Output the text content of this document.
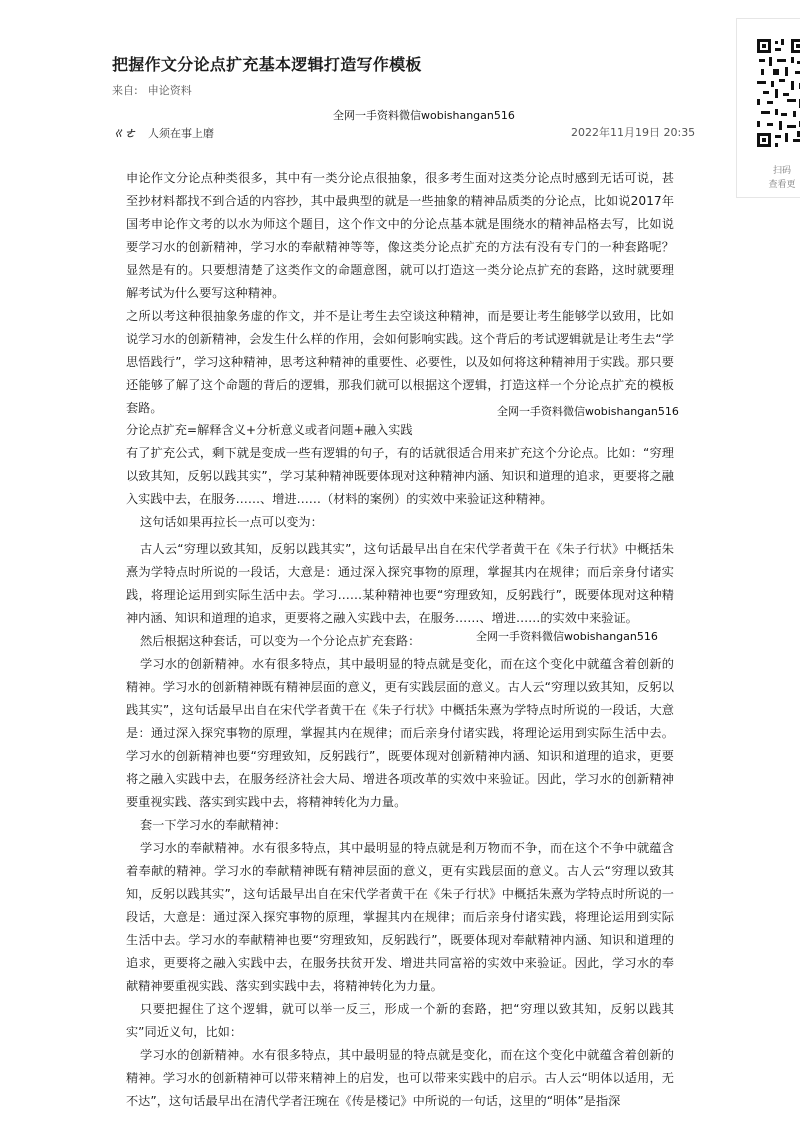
把握作文分论点扩充基本逻辑打造写作模板
来自: 申论资料
全网一手资料微信wobishangan516
ㄍㄜ 人须在事上磨	2022年11月19日 20:35
扫码
查看更

申论作文分论点种类很多，其中有一类分论点很抽象，很多考生面对这类分论点时感到无话可说，甚至抄材料都找不到合适的内容抄，其中最典型的就是一些抽象的精神品质类的分论点，比如说2017年国考申论作文考的以水为师这个题目，这个作文中的分论点基本就是围绕水的精神品格去写，比如说要学习水的创新精神，学习水的奉献精神等等，像这类分论点扩充的方法有没有专门的一种套路呢？显然是有的。只要想清楚了这类作文的命题意图，就可以打造这一类分论点扩充的套路，这时就要理解考试为什么要写这种精神。

之所以考这种很抽象务虚的作文，并不是让考生去空谈这种精神，而是要让考生能够学以致用，比如说学习水的创新精神，会发生什么样的作用，会如何影响实践。这个背后的考试逻辑就是让考生去“学思悟践行”，学习这种精神，思考这种精神的重要性、必要性，以及如何将这种精神用于实践。那只要还能够了解了这个命题的背后的逻辑，那我们就可以根据这个逻辑，打造这样一个分论点扩充的模板套路。

分论点扩充=解释含义+分析意义或者问题+融入实践

有了扩充公式，剩下就是变成一些有逻辑的句子，有的话就很适合用来扩充这个分论点。比如：“穷理以致其知，反躬以践其实”，学习某种精神既要体现对这种精神内涵、知识和道理的追求，更要将之融入实践中去，在服务……、增进……（材料的案例）的实效中来验证这种精神。

这句话如果再拉长一点可以变为：

古人云“穷理以致其知，反躬以践其实”，这句话最早出自在宋代学者黄干在《朱子行状》中概括朱熹为学特点时所说的一段话，大意是：通过深入探究事物的原理，掌握其内在规律；而后亲身付诸实践，将理论运用到实际生活中去。学习……某种精神也要“穷理致知，反躬践行”，既要体现对这种精神内涵、知识和道理的追求，更要将之融入实践中去，在服务……、增进……的实效中来验证。

然后根据这种套话，可以变为一个分论点扩充套路：

学习水的创新精神。水有很多特点，其中最明显的特点就是变化，而在这个变化中就蕴含着创新的精神。学习水的创新精神既有精神层面的意义，更有实践层面的意义。古人云“穷理以致其知，反躬以践其实”，这句话最早出自在宋代学者黄干在《朱子行状》中概括朱熹为学特点时所说的一段话，大意是：通过深入探究事物的原理，掌握其内在规律；而后亲身付诸实践，将理论运用到实际生活中去。学习水的创新精神也要“穷理致知，反躬践行”，既要体现对创新精神内涵、知识和道理的追求，更要将之融入实践中去，在服务经济社会大局、增进各项改革的实效中来验证。因此，学习水的创新精神要重视实践、落实到实践中去，将精神转化为力量。

套一下学习水的奉献精神：

学习水的奉献精神。水有很多特点，其中最明显的特点就是利万物而不争，而在这个不争中就蕴含着奉献的精神。学习水的奉献精神既有精神层面的意义，更有实践层面的意义。古人云“穷理以致其知，反躬以践其实”，这句话最早出自在宋代学者黄干在《朱子行状》中概括朱熹为学特点时所说的一段话，大意是：通过深入探究事物的原理，掌握其内在规律；而后亲身付诸实践，将理论运用到实际生活中去。学习水的奉献精神也要“穷理致知，反躬践行”，既要体现对奉献精神内涵、知识和道理的追求，更要将之融入实践中去，在服务扶贫开发、增进共同富裕的实效中来验证。因此，学习水的奉献精神要重视实践、落实到实践中去，将精神转化为力量。

只要把握住了这个逻辑，就可以举一反三，形成一个新的套路，把“穷理以致其知，反躬以践其实”同近义句，比如：

学习水的创新精神。水有很多特点，其中最明显的特点就是变化，而在这个变化中就蕴含着创新的精神。学习水的创新精神可以带来精神上的启发，也可以带来实践中的启示。古人云“明体以适用，无不达”，这句话最早出在清代学者汪琬在《传是楼记》中所说的一句话，这里的“明体”是指深

全网一手资料微信wobishangan516
全网一手资料微信wobishangan516
